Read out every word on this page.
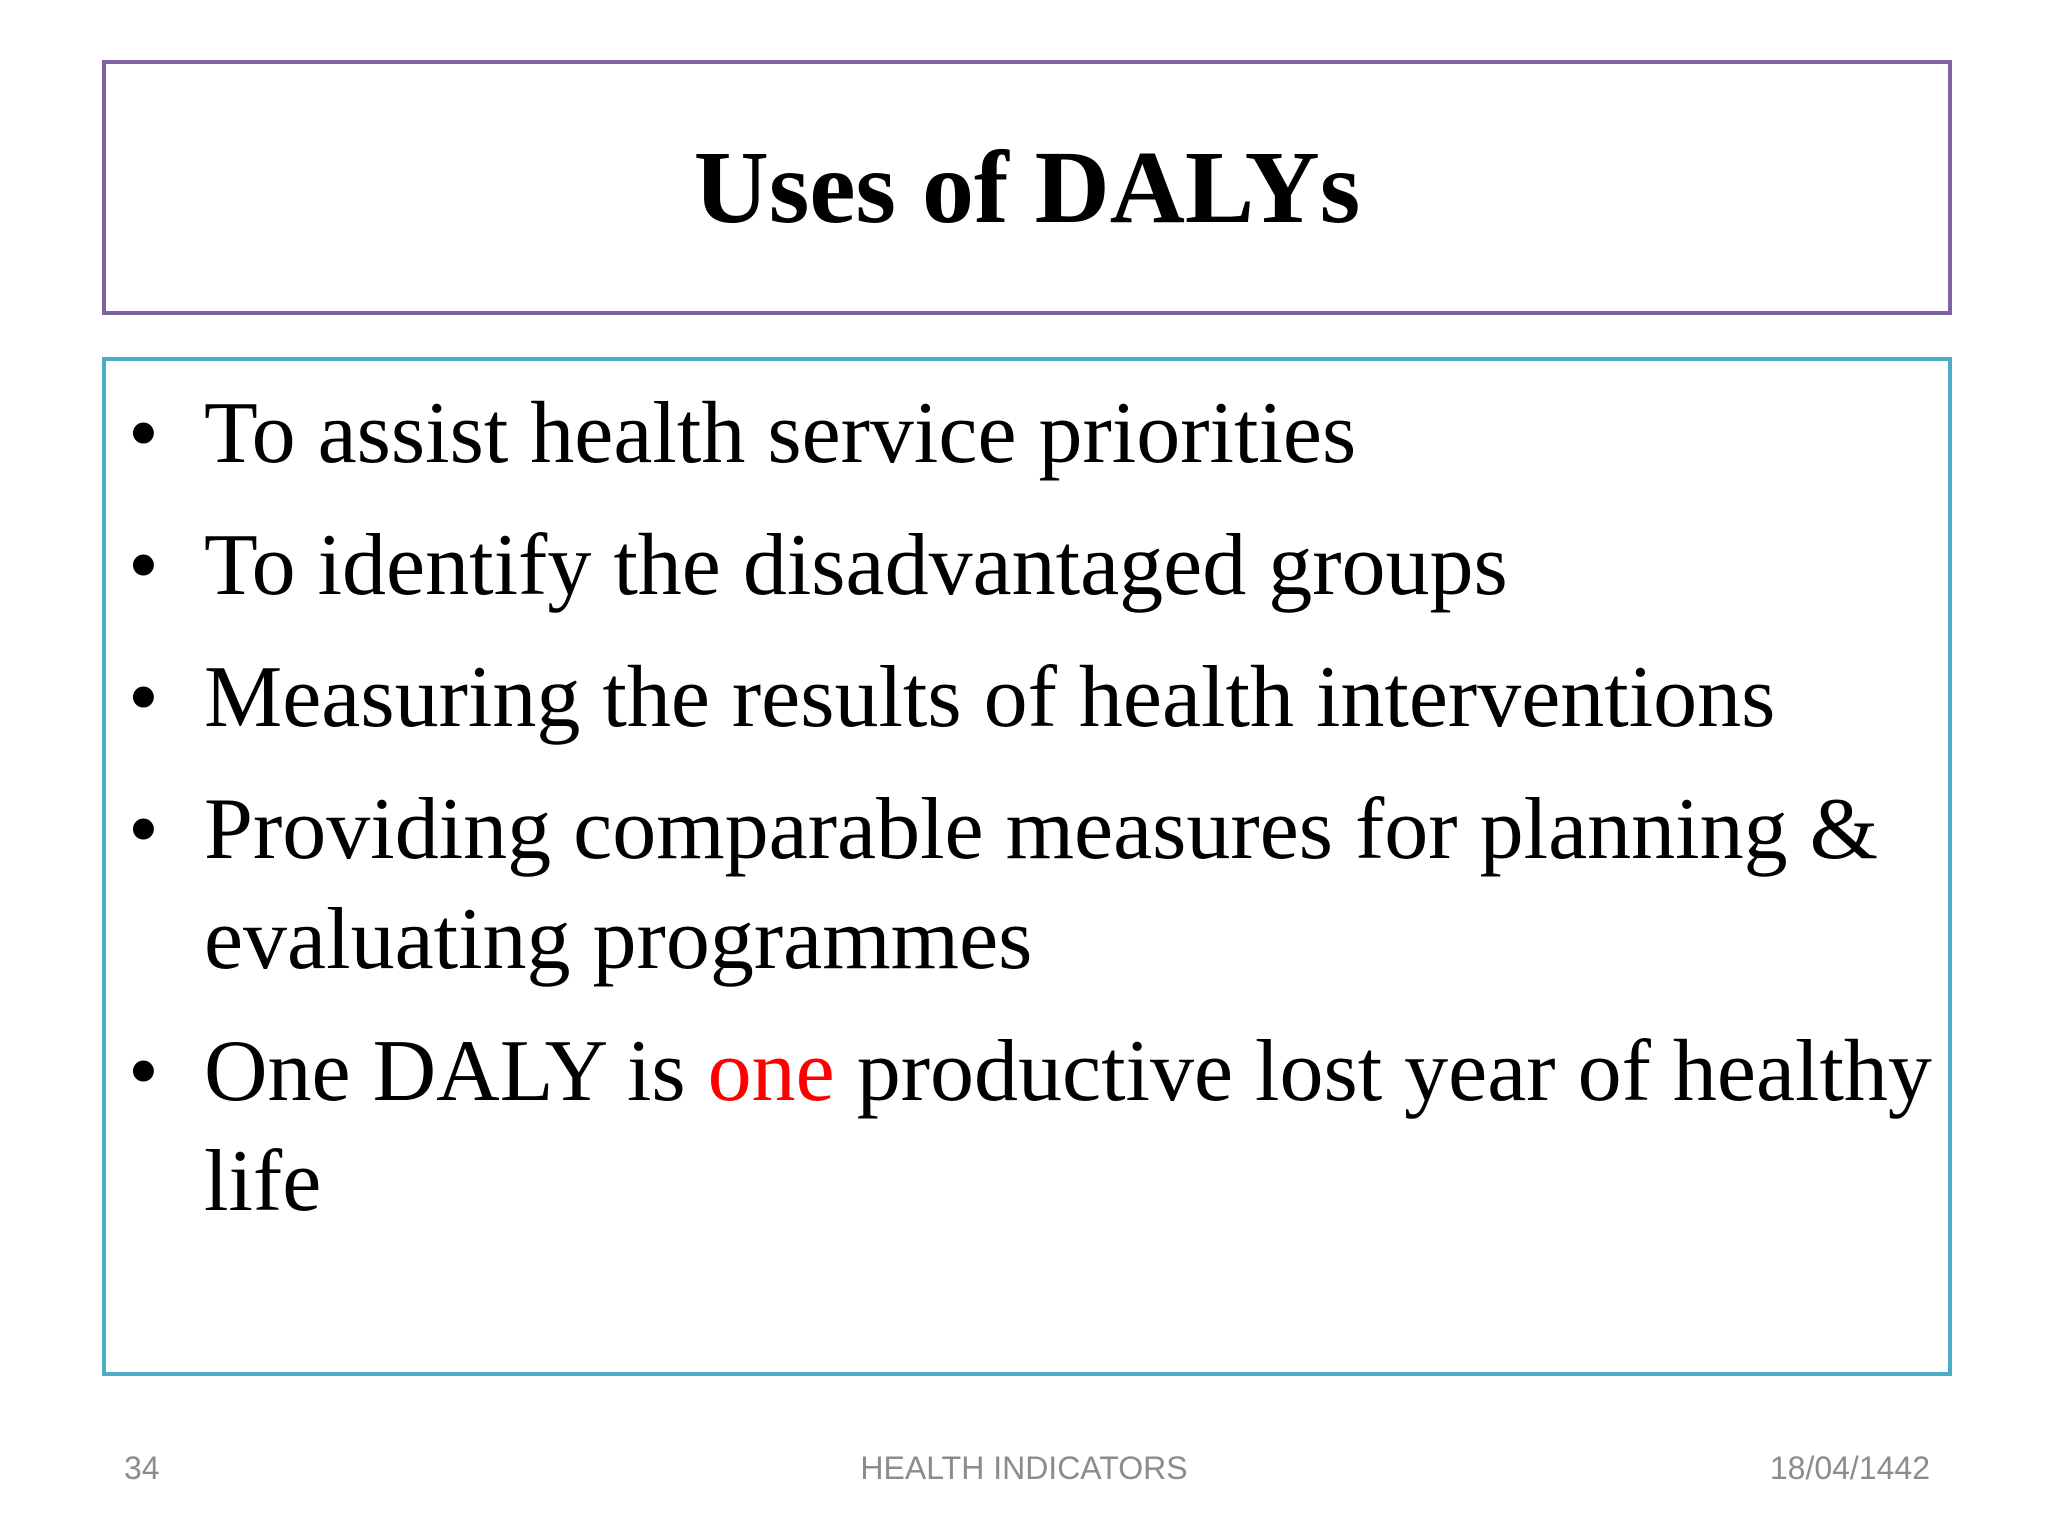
Uses of DALYs
• To assist health service priorities
• To identify the disadvantaged groups
• Measuring the results of health interventions
• Providing comparable measures for planning & evaluating programmes
• One DALY is one productive lost year of healthy life
34	HEALTH INDICATORS	18/04/1442
